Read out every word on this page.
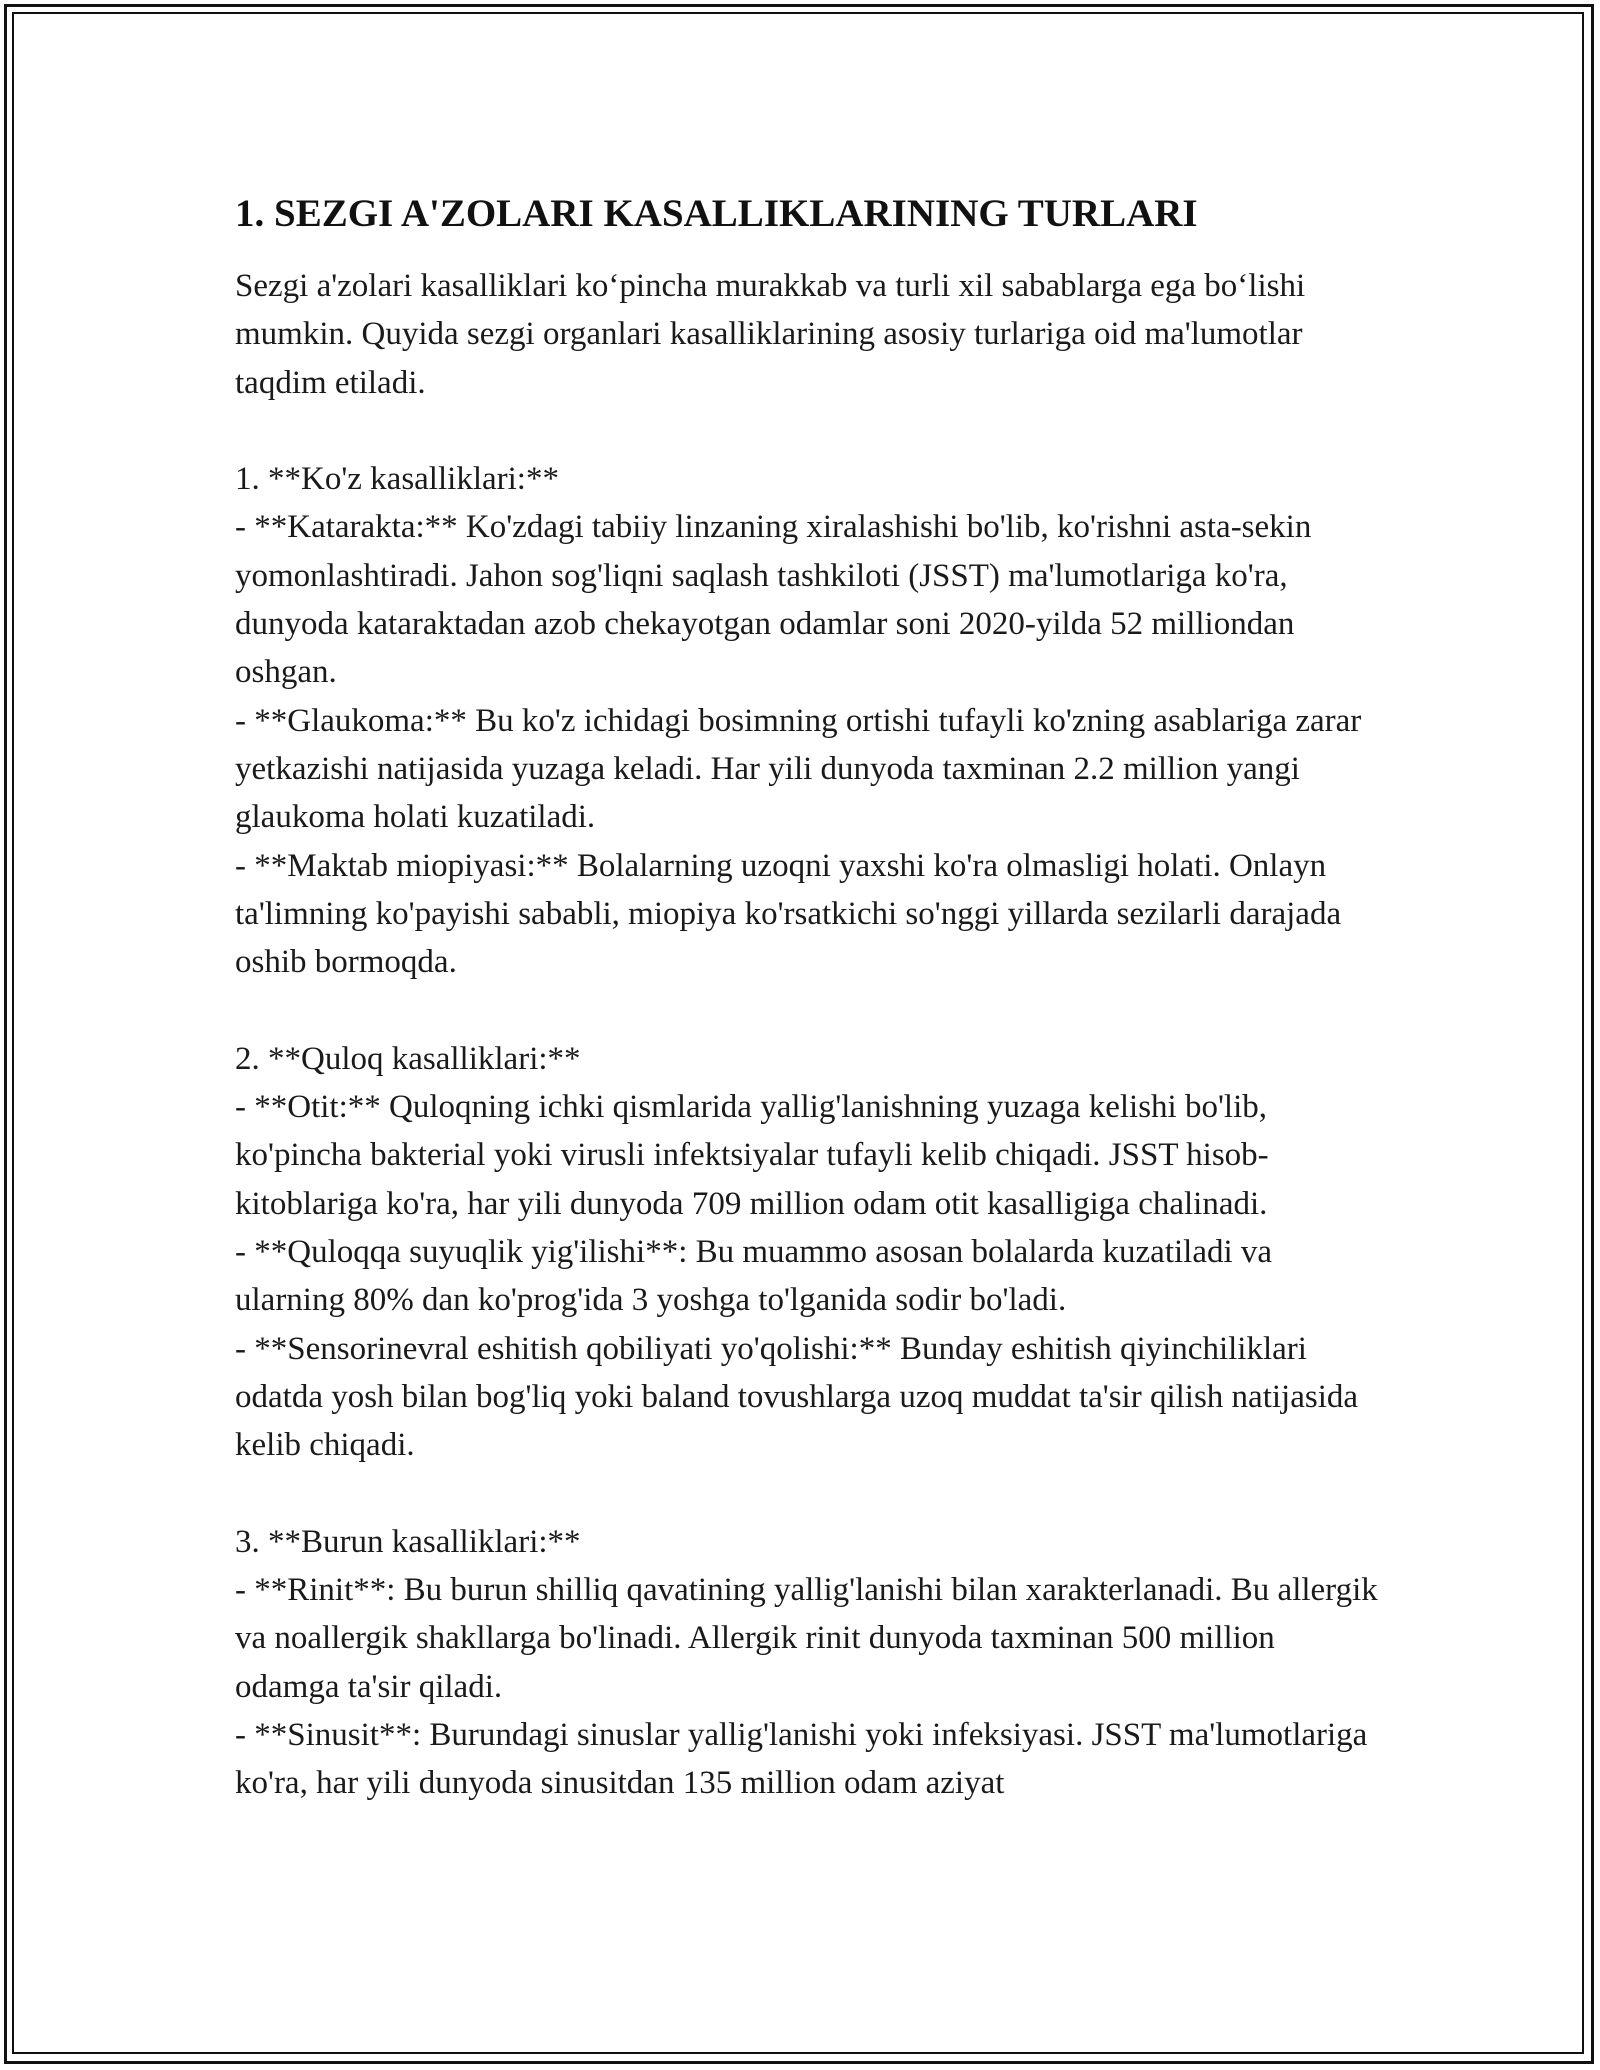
1. SEZGI A'ZOLARI KASALLIKLARINING TURLARI

Sezgi a'zolari kasalliklari ko‘pincha murakkab va turli xil sabablarga ega bo‘lishi mumkin. Quyida sezgi organlari kasalliklarining asosiy turlariga oid ma'lumotlar taqdim etiladi.

1. **Ko'z kasalliklari:**

- **Katarakta:** Ko'zdagi tabiiy linzaning xiralashishi bo'lib, ko'rishni asta-sekin yomonlashtiradi. Jahon sog'liqni saqlash tashkiloti (JSST) ma'lumotlariga ko'ra, dunyoda kataraktadan azob chekayotgan odamlar soni 2020-yilda 52 milliondan oshgan.

- **Glaukoma:** Bu ko'z ichidagi bosimning ortishi tufayli ko'zning asablariga zarar yetkazishi natijasida yuzaga keladi. Har yili dunyoda taxminan 2.2 million yangi glaukoma holati kuzatiladi.

- **Maktab miopiyasi:** Bolalarning uzoqni yaxshi ko'ra olmasligi holati. Onlayn ta'limning ko'payishi sababli, miopiya ko'rsatkichi so'nggi yillarda sezilarli darajada oshib bormoqda.

2. **Quloq kasalliklari:**

- **Otit:** Quloqning ichki qismlarida yallig'lanishning yuzaga kelishi bo'lib, ko'pincha bakterial yoki virusli infektsiyalar tufayli kelib chiqadi. JSST hisob-kitoblariga ko'ra, har yili dunyoda 709 million odam otit kasalligiga chalinadi.

- **Quloqqa suyuqlik yig'ilishi**: Bu muammo asosan bolalarda kuzatiladi va ularning 80% dan ko'prog'ida 3 yoshga to'lganida sodir bo'ladi.

- **Sensorinevral eshitish qobiliyati yo'qolishi:** Bunday eshitish qiyinchiliklari odatda yosh bilan bog'liq yoki baland tovushlarga uzoq muddat ta'sir qilish natijasida kelib chiqadi.

3. **Burun kasalliklari:**

- **Rinit**: Bu burun shilliq qavatining yallig'lanishi bilan xarakterlanadi. Bu allergik va noallergik shakllarga bo'linadi. Allergik rinit dunyoda taxminan 500 million odamga ta'sir qiladi.

- **Sinusit**: Burundagi sinuslar yallig'lanishi yoki infeksiyasi. JSST ma'lumotlariga ko'ra, har yili dunyoda sinusitdan 135 million odam aziyat
